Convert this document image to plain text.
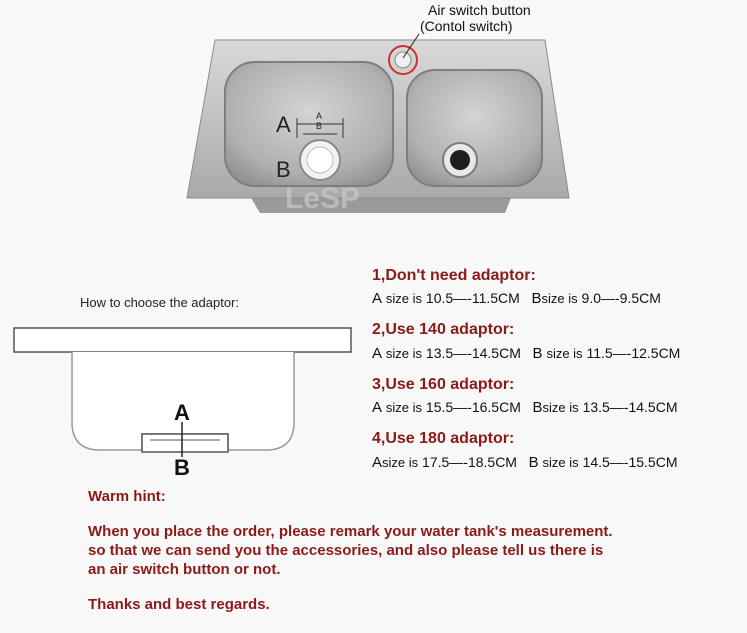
LeSP
Air switch button
(Contol switch)
A
B
A
B
How to choose the adaptor:
A
B
1,Don't need adaptor:
A size is 10.5—-11.5CM Bsize is 9.0—-9.5CM
2,Use 140 adaptor:
A size is 13.5—-14.5CM B size is 11.5—-12.5CM
3,Use 160 adaptor:
A size is 15.5—-16.5CM Bsize is 13.5—-14.5CM
4,Use 180 adaptor:
Asize is 17.5—-18.5CM B size is 14.5—-15.5CM
Warm hint:
When you place the order, please remark your water tank's measurement.
so that we can send you the accessories, and also please tell us there is
an air switch button or not.
Thanks and best regards.
